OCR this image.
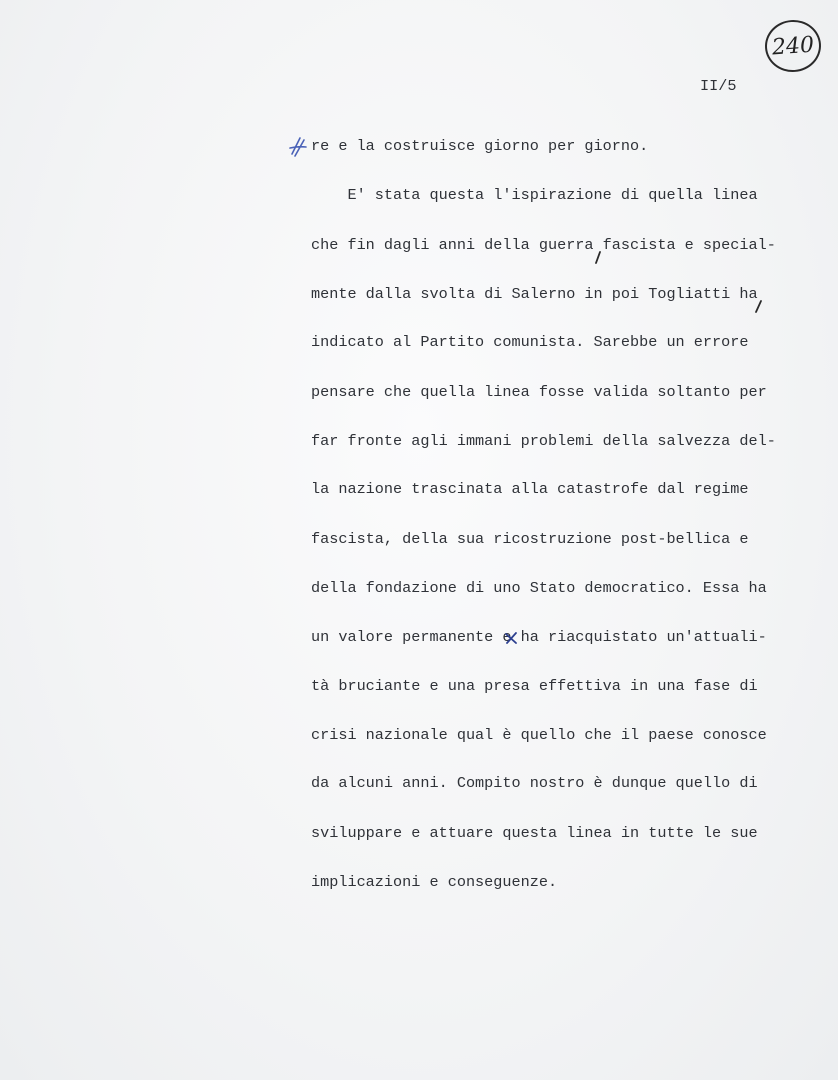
240
II/5
re e la costruisce giorno per giorno.
E' stata questa l'ispirazione di quella linea
che fin dagli anni della guerra fascista e special-
mente dalla svolta di Salerno in poi Togliatti ha
indicato al Partito comunista. Sarebbe un errore
pensare che quella linea fosse valida soltanto per
far fronte agli immani problemi della salvezza del-
la nazione trascinata alla catastrofe dal regime
fascista, della sua ricostruzione post-bellica e
della fondazione di uno Stato democratico. Essa ha
un valore permanente e ha riacquistato un'attuali-
tà bruciante e una presa effettiva in una fase di
crisi nazionale qual è quello che il paese conosce
da alcuni anni. Compito nostro è dunque quello di
sviluppare e attuare questa linea in tutte le sue
implicazioni e conseguenze.
